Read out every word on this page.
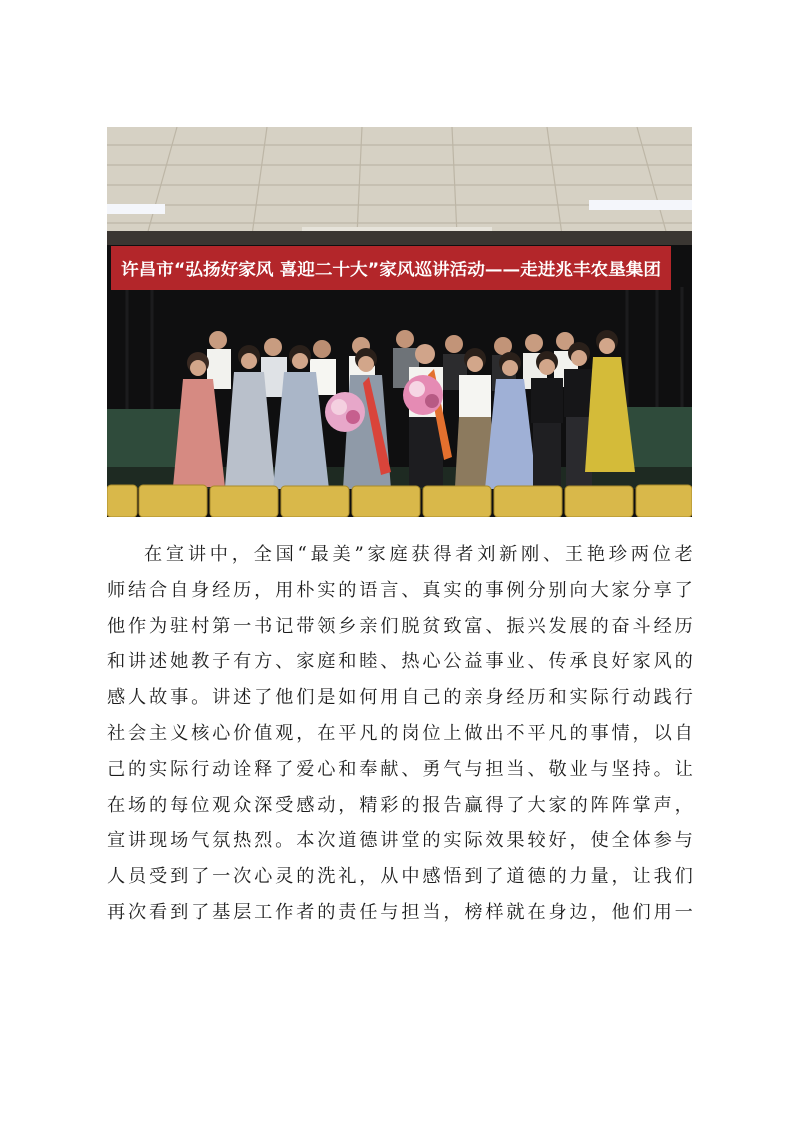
许昌市“弘扬好家风 喜迎二十大”家风巡讲活动——走进兆丰农垦集团
在宣讲中，全国“最美”家庭获得者刘新刚、王艳珍两位老
师结合自身经历，用朴实的语言、真实的事例分别向大家分享了
他作为驻村第一书记带领乡亲们脱贫致富、振兴发展的奋斗经历
和讲述她教子有方、家庭和睦、热心公益事业、传承良好家风的
感人故事。讲述了他们是如何用自己的亲身经历和实际行动践行
社会主义核心价值观，在平凡的岗位上做出不平凡的事情，以自
己的实际行动诠释了爱心和奉献、勇气与担当、敬业与坚持。让
在场的每位观众深受感动，精彩的报告赢得了大家的阵阵掌声，
宣讲现场气氛热烈。本次道德讲堂的实际效果较好，使全体参与
人员受到了一次心灵的洗礼，从中感悟到了道德的力量，让我们
再次看到了基层工作者的责任与担当，榜样就在身边，他们用一
